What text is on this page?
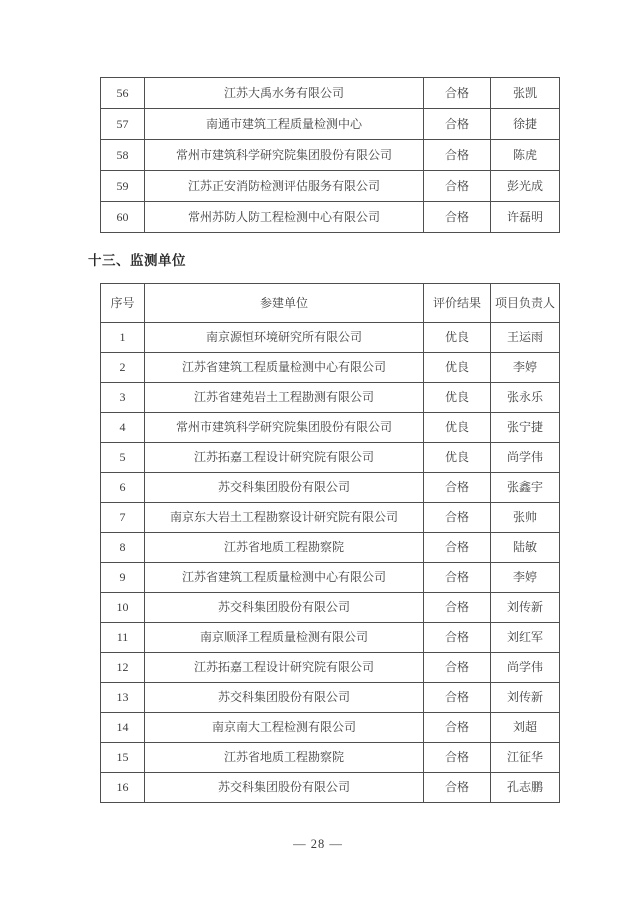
56	江苏大禹水务有限公司	合格	张凯
57	南通市建筑工程质量检测中心	合格	徐捷
58	常州市建筑科学研究院集团股份有限公司	合格	陈虎
59	江苏正安消防检测评估服务有限公司	合格	彭光成
60	常州苏防人防工程检测中心有限公司	合格	许磊明
十三、监测单位
序号	参建单位	评价结果	项目负责人
1	南京源恒环境研究所有限公司	优良	王运雨
2	江苏省建筑工程质量检测中心有限公司	优良	李婷
3	江苏省建苑岩土工程勘测有限公司	优良	张永乐
4	常州市建筑科学研究院集团股份有限公司	优良	张宁捷
5	江苏拓嘉工程设计研究院有限公司	优良	尚学伟
6	苏交科集团股份有限公司	合格	张鑫宇
7	南京东大岩土工程勘察设计研究院有限公司	合格	张帅
8	江苏省地质工程勘察院	合格	陆敏
9	江苏省建筑工程质量检测中心有限公司	合格	李婷
10	苏交科集团股份有限公司	合格	刘传新
11	南京顺泽工程质量检测有限公司	合格	刘红军
12	江苏拓嘉工程设计研究院有限公司	合格	尚学伟
13	苏交科集团股份有限公司	合格	刘传新
14	南京南大工程检测有限公司	合格	刘超
15	江苏省地质工程勘察院	合格	江征华
16	苏交科集团股份有限公司	合格	孔志鹏
— 28 —
